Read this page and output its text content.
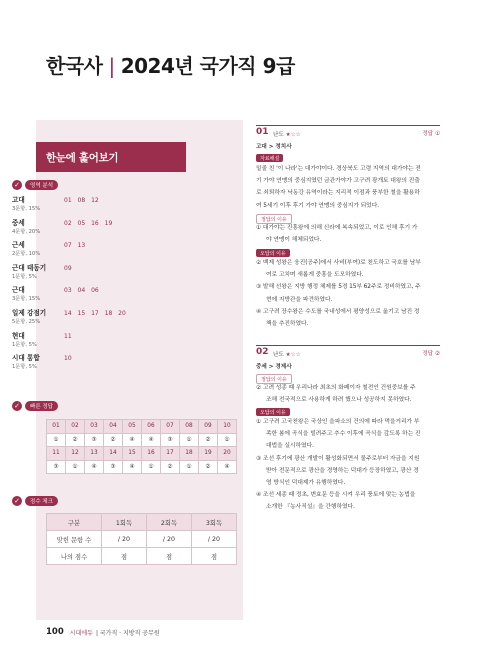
한국사 | 2024년 국가직 9급
한눈에 훑어보기
✓	영역 분석
고대
3문항, 15%
01 08 12
중세
4문항, 20%
02 05 16 19
근세
2문항, 10%
07 13
근대 태동기
1문항, 5%
09
근대
3문항, 15%
03 04 06
일제 강점기
5문항, 25%
14 15 17 18 20
현대
1문항, 5%
11
시대 통합
1문항, 5%
10
✓	빠른 정답
01	02	03	04	05	06	07	08	09	10
①	②	③	②	④	④	③	①	②	①
11	12	13	14	15	16	17	18	19	20
③	①	④	③	④	①	②	①	②	④
✓	점수 체크
구분	1회독	2회독	3회독
맞힌 문항 수	/ 20	/ 20	/ 20
나의 점수	점	점	점
01 난도 ★☆☆	정답 ①
고대 > 정치사
자료해설
밑줄 친 '이 나라'는 대가야이다. 경상북도 고령 지역의 대가야는 전
기 가야 연맹의 중심지였던 금관가야가 고구려 광개토 대왕의 진출
로 쇠퇴하자 낙동강 유역이라는 지리적 이점과 풍부한 철을 활용하
여 5세기 이후 후기 가야 연맹의 중심지가 되었다.
정답의 이유
① 대가야는 진흥왕에 의해 신라에 복속되었고, 이로 인해 후기 가
야 연맹이 해체되었다.
오답의 이유
② 백제 성왕은 웅진(공주)에서 사비(부여)로 천도하고 국호를 남부
여로 고치며 새롭게 중흥을 도모하였다.
③ 발해 선왕은 지방 행정 체제를 5경 15부 62주로 정비하였고, 주
현에 지방관을 파견하였다.
④ 고구려 장수왕은 수도를 국내성에서 평양성으로 옮기고 남진 정
책을 추진하였다.
02 난도 ★☆☆	정답 ②
중세 > 경제사
정답의 이유
② 고려 성종 때 우리나라 최초의 화폐이자 철전인 건원중보를 주
조해 전국적으로 사용하게 하려 했으나 성공하지 못하였다.
오답의 이유
① 고구려 고국천왕은 국상인 을파소의 건의에 따라 먹을거리가 부
족한 봄에 곡식을 빌려주고 추수 이후에 곡식을 갚도록 하는 진
대법을 실시하였다.
③ 조선 후기에 광산 개발이 활성화되면서 물주로부터 자금을 지원
받아 전문적으로 광산을 경영하는 덕대가 등장하였고, 광산 경
영 방식인 덕대제가 유행하였다.
④ 조선 세종 때 정초, 변효문 등을 시켜 우리 풍토에 맞는 농법을
소개한 『농사직설』을 간행하였다.
100 시대에듀 | 국가직 · 지방직 공무원
